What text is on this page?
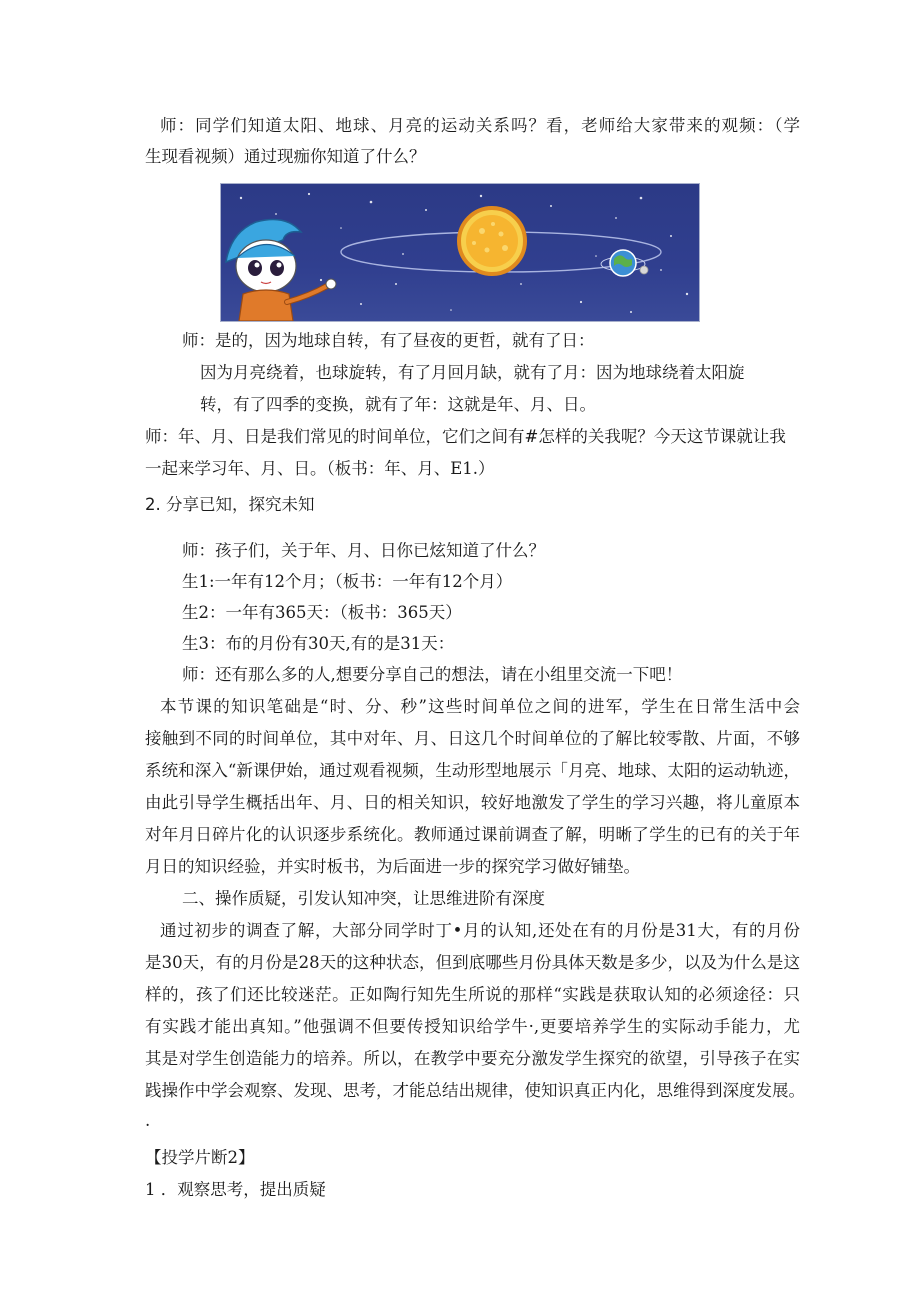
师：同学们知道太阳、地球、月亮的运动关系吗？看，老师给大家带来的观频：（学
生现看视频）通过现痂你知道了什么？
师：是的，因为地球自转，有了昼夜的更哲，就有了日：
因为月亮绕着，也球旋转，有了月回月缺，就有了月：因为地球绕着太阳旋
转，有了四季的变换，就有了年：这就是年、月、日。
师：年、月、日是我们常见的时间单位，它们之间有#怎样的关我呢？今天这节课就让我
一起来学习年、月、日。（板书：年、月、E1.）
2. 分享已知，探究未知
师：孩子们，关于年、月、日你已炫知道了什么？
生1:一年有12个月；（板书：一年有12个月）
生2：一年有365天：（板书：365天）
生3：布的月份有30天,有的是31天：
师：还有那么多的人,想要分享自己的想法，请在小组里交流一下吧！
本节课的知识笔础是“时、分、秒”这些时间单位之间的进军，学生在日常生活中会
接触到不同的时间单位，其中对年、月、日这几个时间单位的了解比较零散、片面，不够
系统和深入“新课伊始，通过观看视频，生动形型地展示「月亮、地球、太阳的运动轨迹，
由此引导学生概括出年、月、日的相关知识，较好地激发了学生的学习兴趣，将儿童原本
对年月日碎片化的认识逐步系统化。教师通过课前调查了解，明晰了学生的已有的关于年
月日的知识经验，并实时板书，为后面进一步的探究学习做好铺垫。
二、操作质疑，引发认知冲突，让思维进阶有深度
通过初步的调查了解，大部分同学时丁•月的认知,还处在有的月份是31大，有的月份
是30天，有的月份是28天的这种状态，但到底哪些月份具体天数是多少，以及为什么是这
样的，孩了们还比较迷茫。正如陶行知先生所说的那样“实践是获取认知的必须途径：只
有实践才能出真知。”他强调不但要传授知识给学牛·,更要培养学生的实际动手能力，尤
其是对学生创造能力的培养。所以，在教学中要充分激发学生探究的欲望，引导孩子在实
践操作中学会观察、发现、思考，才能总结出规律，使知识真正内化，思维得到深度发展。
.
【投学片断2】
1 ．观察思考，提出质疑
